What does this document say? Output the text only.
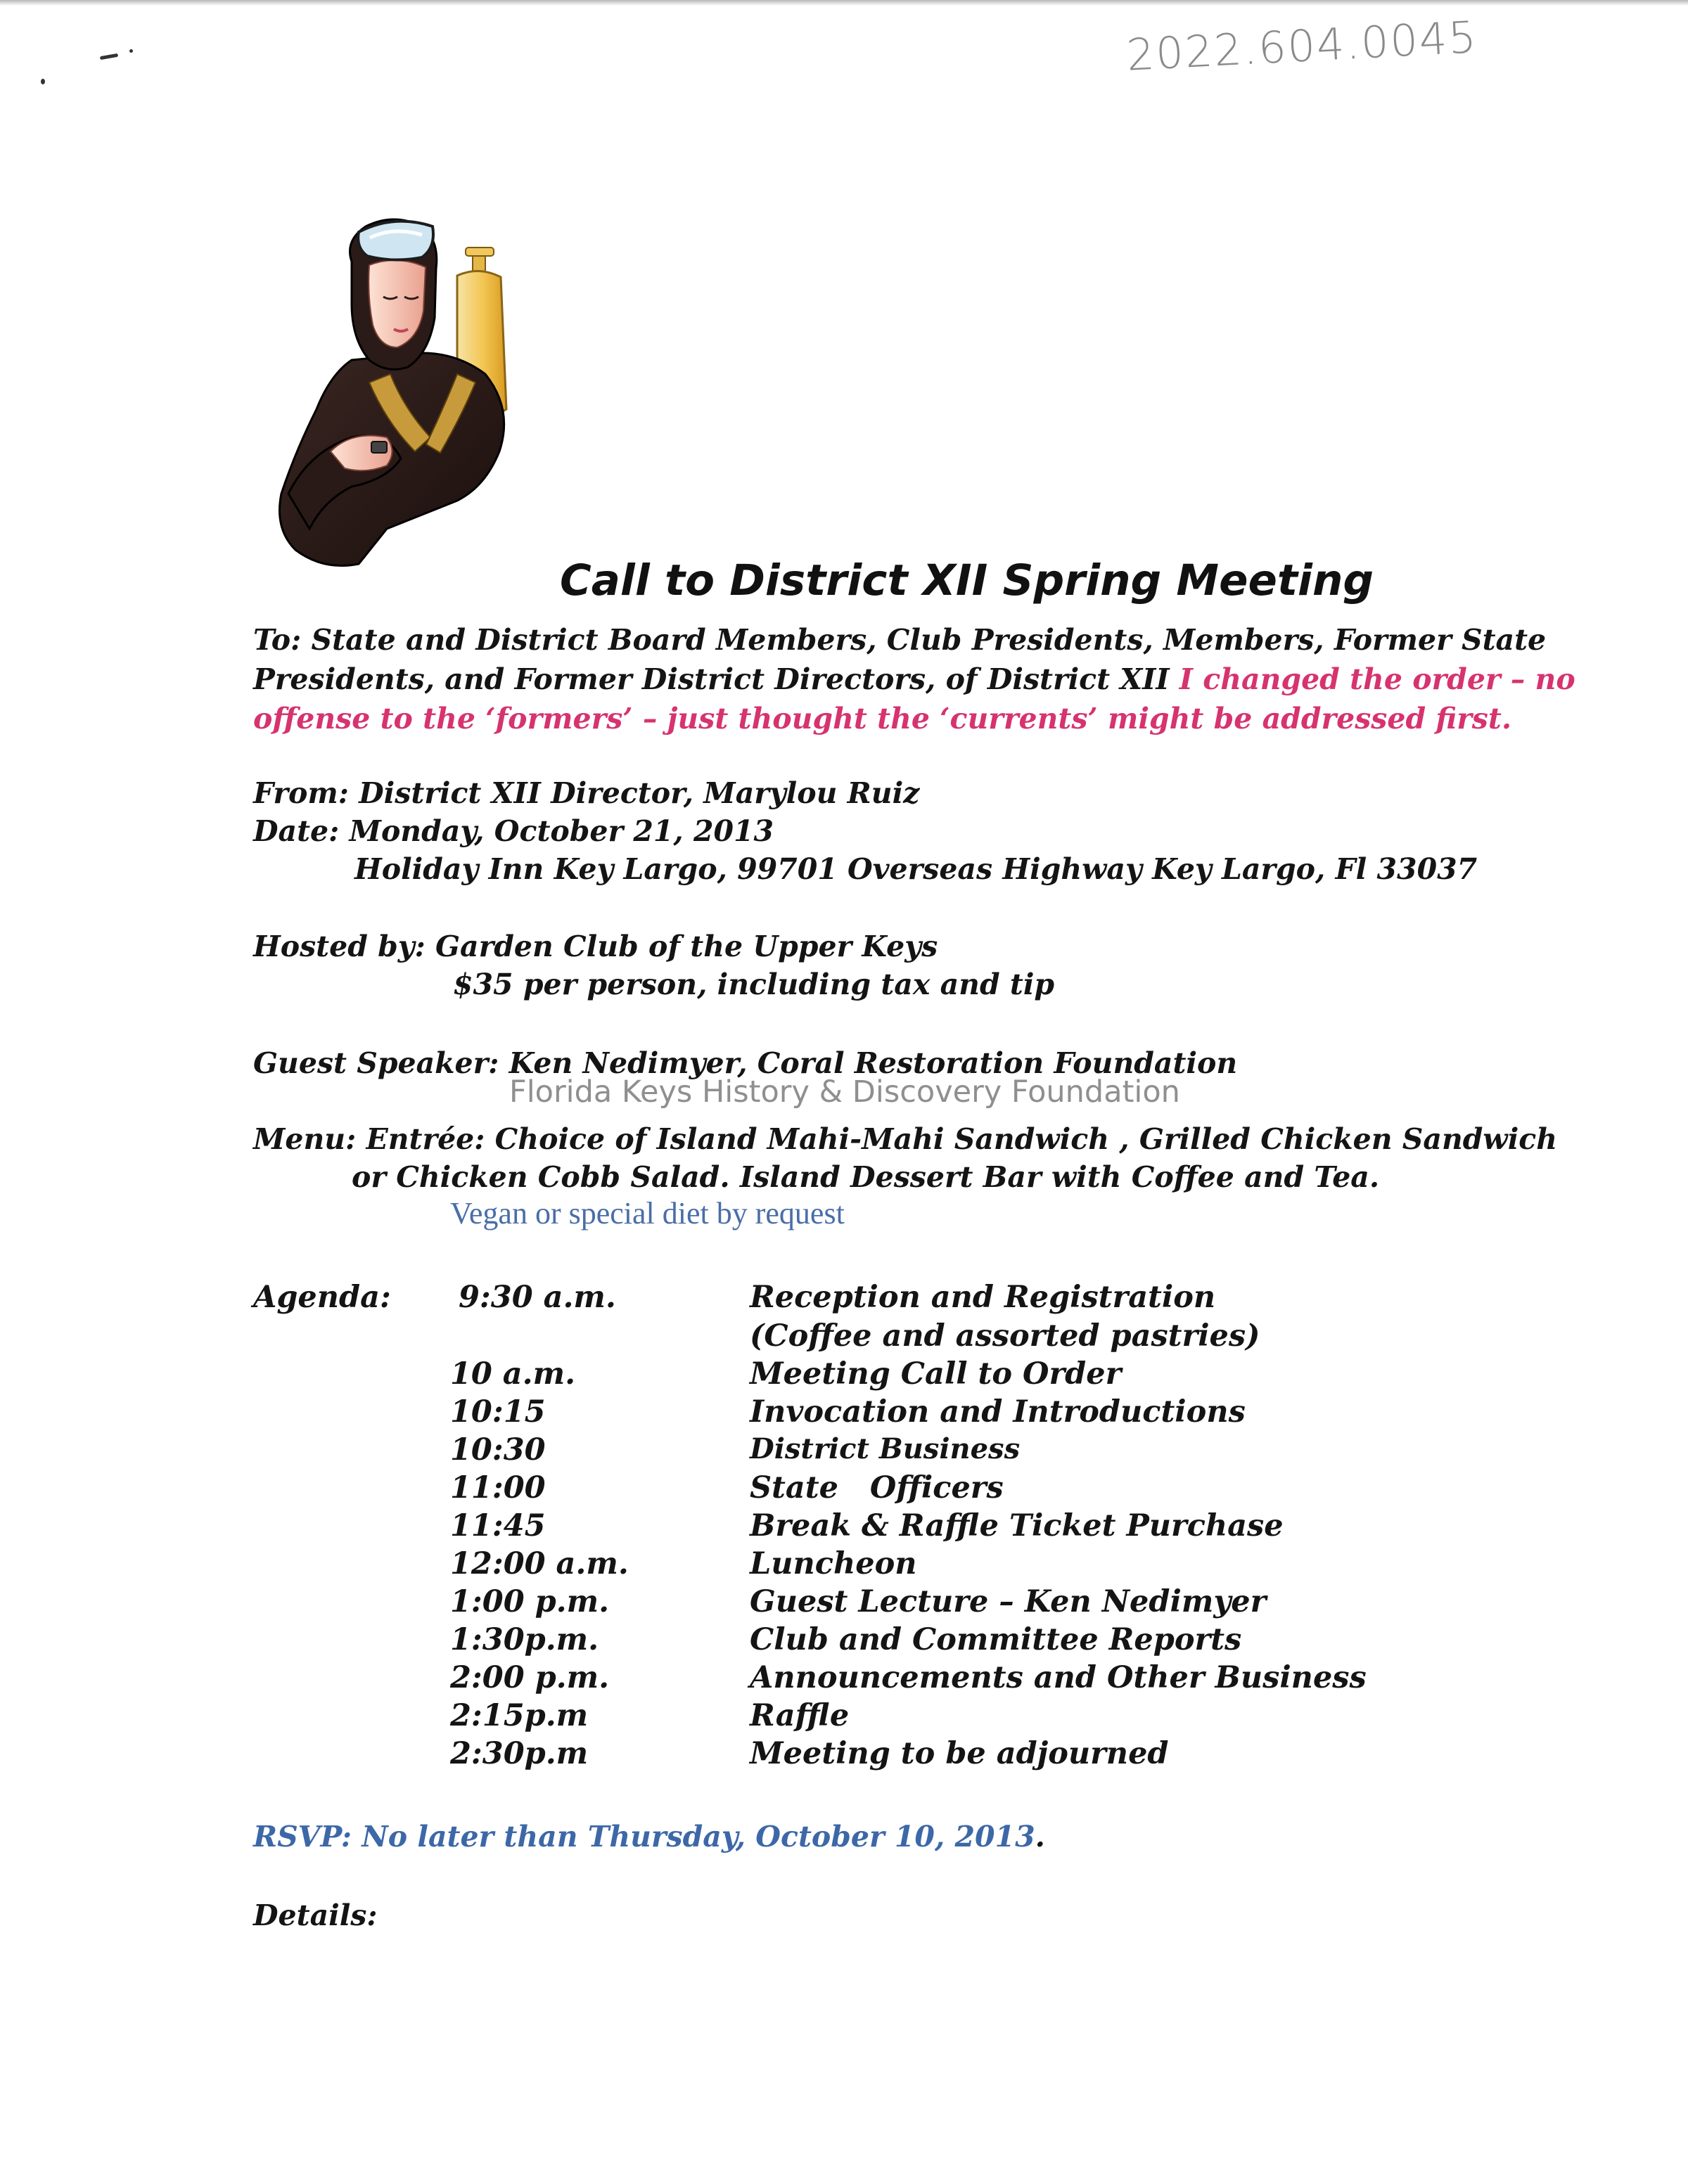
2022.604.0045
Call to District XII Spring Meeting
To: State and District Board Members, Club Presidents, Members, Former State
Presidents, and Former District Directors, of District XII I changed the order – no
offense to the ‘formers’ – just thought the ‘currents’ might be addressed first.
From: District XII Director, Marylou Ruiz
Date: Monday, October 21, 2013
Holiday Inn Key Largo, 99701 Overseas Highway Key Largo, Fl 33037
Hosted by: Garden Club of the Upper Keys
$35 per person, including tax and tip
Guest Speaker: Ken Nedimyer, Coral Restoration Foundation
Florida Keys History & Discovery Foundation
Menu: Entrée: Choice of Island Mahi-Mahi Sandwich , Grilled Chicken Sandwich
or Chicken Cobb Salad. Island Dessert Bar with Coffee and Tea.
Vegan or special diet by request
Agenda: 9:30 a.m.	Reception and Registration
(Coffee and assorted pastries)
10 a.m.	Meeting Call to Order
10:15	Invocation and Introductions
10:30	District Business
11:00	State   Officers
11:45	Break & Raffle Ticket Purchase
12:00 a.m.	Luncheon
1:00 p.m.	Guest Lecture – Ken Nedimyer
1:30p.m.	Club and Committee Reports
2:00 p.m.	Announcements and Other Business
2:15p.m	Raffle
2:30p.m	Meeting to be adjourned
RSVP: No later than Thursday, October 10, 2013.
Details:
